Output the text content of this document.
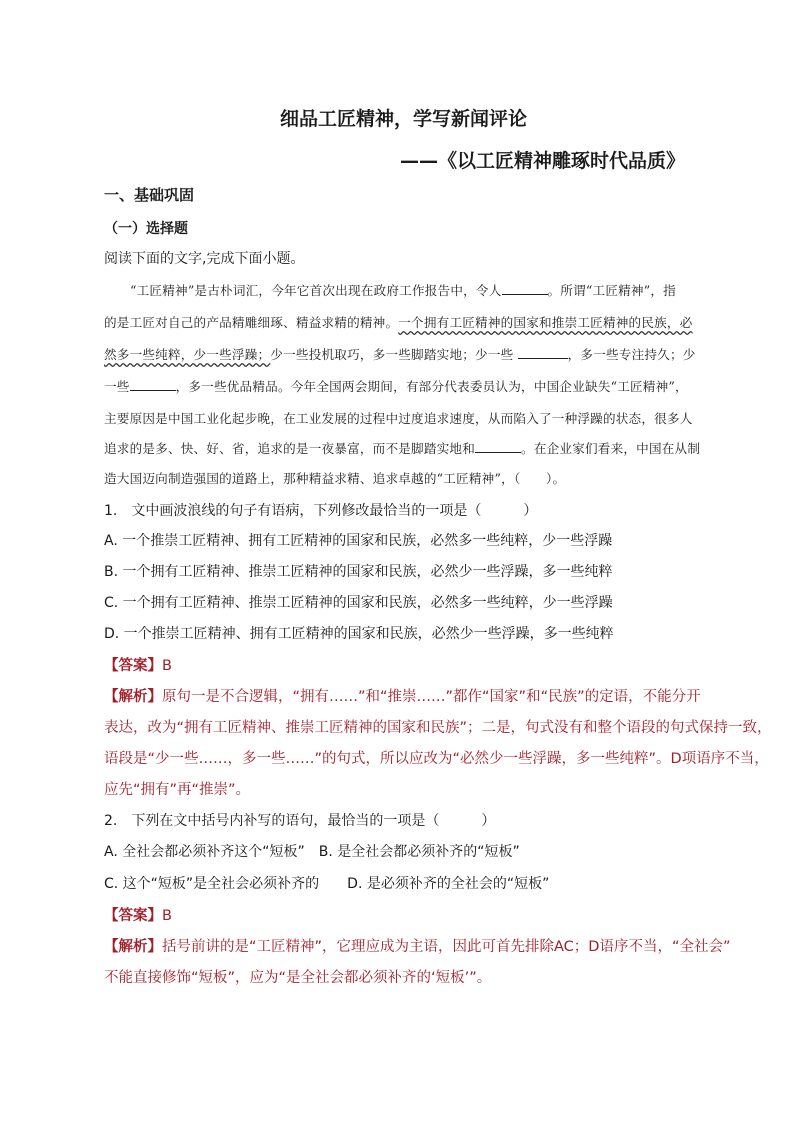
细品工匠精神，学写新闻评论
——《以工匠精神雕琢时代品质》
一、基础巩固
（一）选择题
阅读下面的文字,完成下面小题。
“工匠精神”是古朴词汇，今年它首次出现在政府工作报告中，令人	。所谓“工匠精神”，指
的是工匠对自己的产品精雕细琢、精益求精的精神。一个拥有工匠精神的国家和推崇工匠精神的民族，必
然多一些纯粹，少一些浮躁；少一些投机取巧，多一些脚踏实地；少一些	，多一些专注持久；少
一些	，多一些优品精品。今年全国两会期间，有部分代表委员认为，中国企业缺失“工匠精神”，
主要原因是中国工业化起步晚，在工业发展的过程中过度追求速度，从而陷入了一种浮躁的状态，很多人
追求的是多、快、好、省，追求的是一夜暴富，而不是脚踏实地和	。在企业家们看来，中国在从制
造大国迈向制造强国的道路上，那种精益求精、追求卓越的“工匠精神”，（　　）。
1.　文中画波浪线的句子有语病，下列修改最恰当的一项是（　　　）
A. 一个推崇工匠精神、拥有工匠精神的国家和民族，必然多一些纯粹，少一些浮躁
B. 一个拥有工匠精神、推崇工匠精神的国家和民族，必然少一些浮躁，多一些纯粹
C. 一个拥有工匠精神、推崇工匠精神的国家和民族，必然多一些纯粹，少一些浮躁
D. 一个推崇工匠精神、拥有工匠精神的国家和民族，必然少一些浮躁，多一些纯粹
【答案】B
【解析】原句一是不合逻辑，“拥有……”和“推崇……”都作“国家”和“民族”的定语，不能分开
表达，改为“拥有工匠精神、推崇工匠精神的国家和民族”；二是，句式没有和整个语段的句式保持一致，
语段是“少一些……，多一些……”的句式，所以应改为“必然少一些浮躁，多一些纯粹”。D项语序不当，
应先“拥有”再“推崇”。
2.　下列在文中括号内补写的语句，最恰当的一项是（　　　）
A. 全社会都必须补齐这个“短板”　B. 是全社会都必须补齐的“短板”
C. 这个“短板”是全社会必须补齐的　　D. 是必须补齐的全社会的“短板”
【答案】B
【解析】括号前讲的是“工匠精神”，它理应成为主语，因此可首先排除AC；D语序不当，“全社会”
不能直接修饰“短板”，应为“是全社会都必须补齐的‘短板’”。
